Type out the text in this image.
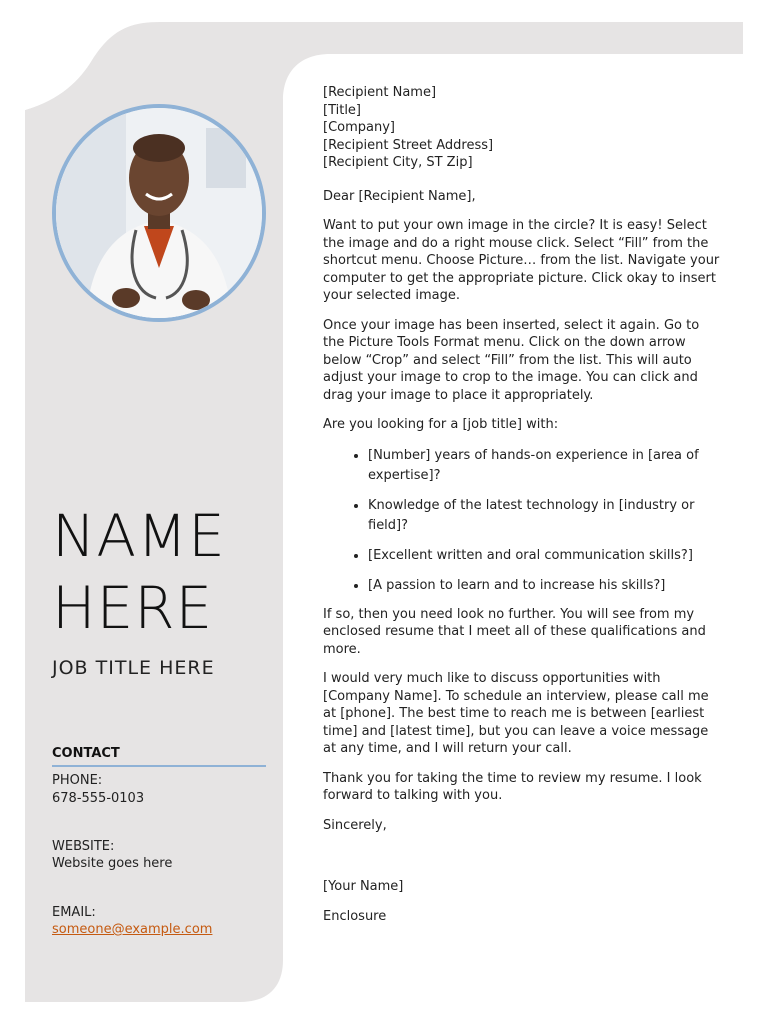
NAME
HERE
JOB TITLE HERE
CONTACT
PHONE:
678-555-0103
WEBSITE:
Website goes here
EMAIL:
someone@example.com
[Recipient Name]
[Title]
[Company]
[Recipient Street Address]
[Recipient City, ST Zip]

Dear [Recipient Name],

Want to put your own image in the circle? It is easy! Select the image and do a right mouse click. Select “Fill” from the shortcut menu. Choose Picture… from the list. Navigate your computer to get the appropriate picture. Click okay to insert your selected image.

Once your image has been inserted, select it again. Go to the Picture Tools Format menu. Click on the down arrow below “Crop” and select “Fill” from the list. This will auto adjust your image to crop to the image. You can click and drag your image to place it appropriately.

Are you looking for a [job title] with:

• [Number] years of hands-on experience in [area of expertise]?
• Knowledge of the latest technology in [industry or field]?
• [Excellent written and oral communication skills?]
• [A passion to learn and to increase his skills?]

If so, then you need look no further. You will see from my enclosed resume that I meet all of these qualifications and more.

I would very much like to discuss opportunities with [Company Name]. To schedule an interview, please call me at [phone]. The best time to reach me is between [earliest time] and [latest time], but you can leave a voice message at any time, and I will return your call.

Thank you for taking the time to review my resume. I look forward to talking with you.

Sincerely,

[Your Name]

Enclosure
